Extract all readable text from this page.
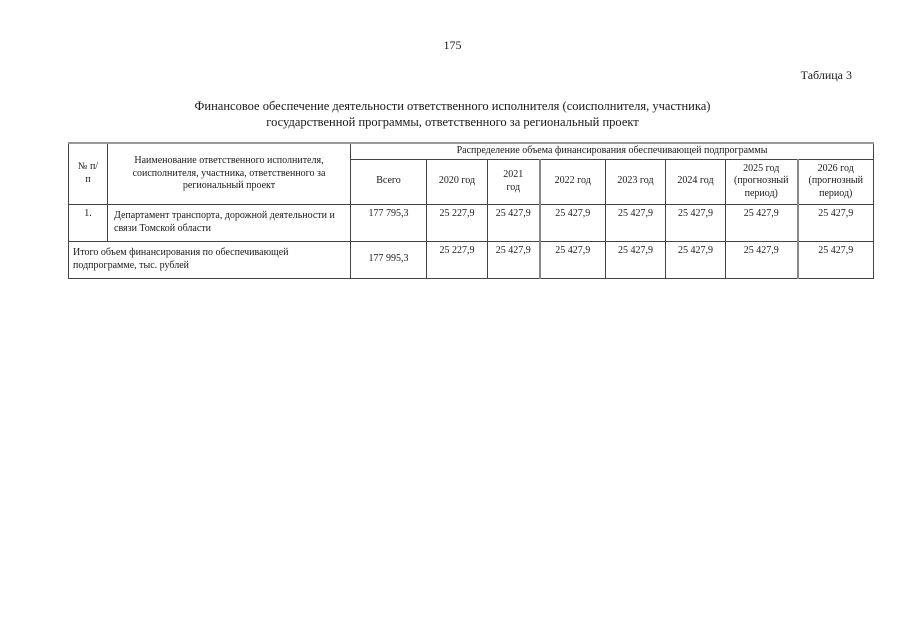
175
Таблица 3
Финансовое обеспечение деятельности ответственного исполнителя (соисполнителя, участника)
государственной программы, ответственного за региональный проект
№ п/п	Наименование ответственного исполнителя, соисполнителя, участника, ответственного за региональный проект	Распределение объема финансирования обеспечивающей подпрограммы							
		Всего	2020 год	2021 год	2022 год	2023 год	2024 год	2025 год (прогнозный период)	2026 год (прогнозный период)
1.	Департамент транспорта, дорожной деятельности и связи Томской области	177 795,3	25 227,9	25 427,9	25 427,9	25 427,9	25 427,9	25 427,9	25 427,9
Итого объем финансирования по обеспечивающей подпрограмме, тыс. рублей		177 995,3	25 227,9	25 427,9	25 427,9	25 427,9	25 427,9	25 427,9	25 427,9
